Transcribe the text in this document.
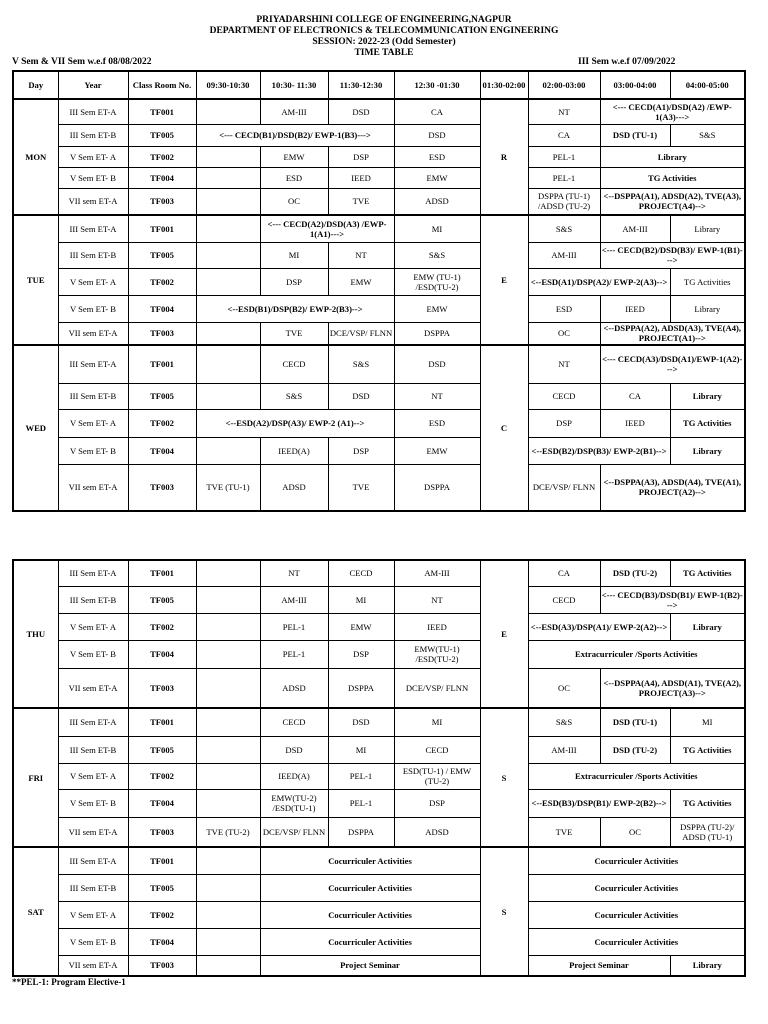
PRIYADARSHINI COLLEGE OF ENGINEERING,NAGPUR
DEPARTMENT OF ELECTRONICS & TELECOMMUNICATION ENGINEERING
SESSION: 2022-23 (Odd Semester)
TIME TABLE
V Sem & VII Sem w.e.f 08/08/2022	III Sem w.e.f 07/09/2022
Day	Year	Class Room No.	09:30-10:30	10:30- 11:30	11:30-12:30	12:30 -01:30	01:30-02:00	02:00-03:00	03:00-04:00	04:00-05:00
MON	III Sem ET-A	TF001		AM-III	DSD	CA	R	NT	<--- CECD(A1)/DSD(A2) /EWP-1(A3)--->	
	III Sem ET-B	TF005	<--- CECD(B1)/DSD(B2)/ EWP-1(B3)--->			DSD		CA	DSD (TU-1)	S&S
	V Sem ET- A	TF002		EMW	DSP	ESD		PEL-1	Library	
	V Sem ET- B	TF004		ESD	IEED	EMW		PEL-1	TG Activities	
	VII sem ET-A	TF003		OC	TVE	ADSD		DSPPA (TU-1) /ADSD (TU-2)	<--DSPPA(A1), ADSD(A2), TVE(A3), PROJECT(A4)-->	
TUE	III Sem ET-A	TF001		<--- CECD(A2)/DSD(A3) /EWP-1(A1)--->		MI	E	S&S	AM-III	Library
	III Sem ET-B	TF005		MI	NT	S&S		AM-III	<--- CECD(B2)/DSD(B3)/ EWP-1(B1)--->	
	V Sem ET- A	TF002		DSP	EMW	EMW (TU-1) /ESD(TU-2)		<--ESD(A1)/DSP(A2)/ EWP-2(A3)-->		TG Activities
	V Sem ET- B	TF004	<--ESD(B1)/DSP(B2)/ EWP-2(B3)-->			EMW		ESD	IEED	Library
	VII sem ET-A	TF003		TVE	DCE/VSP/ FLNN	DSPPA		OC	<--DSPPA(A2), ADSD(A3), TVE(A4), PROJECT(A1)-->	
WED	III Sem ET-A	TF001		CECD	S&S	DSD	C	NT	<--- CECD(A3)/DSD(A1)/EWP-1(A2)--->	
	III Sem ET-B	TF005		S&S	DSD	NT		CECD	CA	Library
	V Sem ET- A	TF002	<--ESD(A2)/DSP(A3)/ EWP-2 (A1)-->			ESD		DSP	IEED	TG Activities
	V Sem ET- B	TF004		IEED(A)	DSP	EMW		<--ESD(B2)/DSP(B3)/ EWP-2(B1)-->		Library
	VII sem ET-A	TF003	TVE (TU-1)	ADSD	TVE	DSPPA		DCE/VSP/ FLNN	<--DSPPA(A3), ADSD(A4), TVE(A1), PROJECT(A2)-->	
THU	III Sem ET-A	TF001		NT	CECD	AM-III	E	CA	DSD (TU-2)	TG Activities
	III Sem ET-B	TF005		AM-III	MI	NT		CECD	<--- CECD(B3)/DSD(B1)/ EWP-1(B2)--->	
	V Sem ET- A	TF002		PEL-1	EMW	IEED		<--ESD(A3)/DSP(A1)/ EWP-2(A2)-->		Library
	V Sem ET- B	TF004		PEL-1	DSP	EMW(TU-1) /ESD(TU-2)		Extracurriculer /Sports Activities		
	VII sem ET-A	TF003		ADSD	DSPPA	DCE/VSP/ FLNN		OC	<--DSPPA(A4), ADSD(A1), TVE(A2), PROJECT(A3)-->	
FRI	III Sem ET-A	TF001		CECD	DSD	MI	S	S&S	DSD (TU-1)	MI
	III Sem ET-B	TF005		DSD	MI	CECD		AM-III	DSD (TU-2)	TG Activities
	V Sem ET- A	TF002		IEED(A)	PEL-1	ESD(TU-1) / EMW (TU-2)		Extracurriculer /Sports Activities		
	V Sem ET- B	TF004		EMW(TU-2) /ESD(TU-1)	PEL-1	DSP		<--ESD(B3)/DSP(B1)/ EWP-2(B2)-->		TG Activities
	VII sem ET-A	TF003	TVE (TU-2)	DCE/VSP/ FLNN	DSPPA	ADSD		TVE	OC	DSPPA (TU-2)/ ADSD (TU-1)
SAT	III Sem ET-A	TF001		Cocurriculer Activities			S	Cocurriculer Activities		
	III Sem ET-B	TF005		Cocurriculer Activities				Cocurriculer Activities		
	V Sem ET- A	TF002		Cocurriculer Activities				Cocurriculer Activities		
	V Sem ET- B	TF004		Cocurriculer Activities				Cocurriculer Activities		
	VII sem ET-A	TF003		Project Seminar				Project Seminar		Library
**PEL-1: Program Elective-1
